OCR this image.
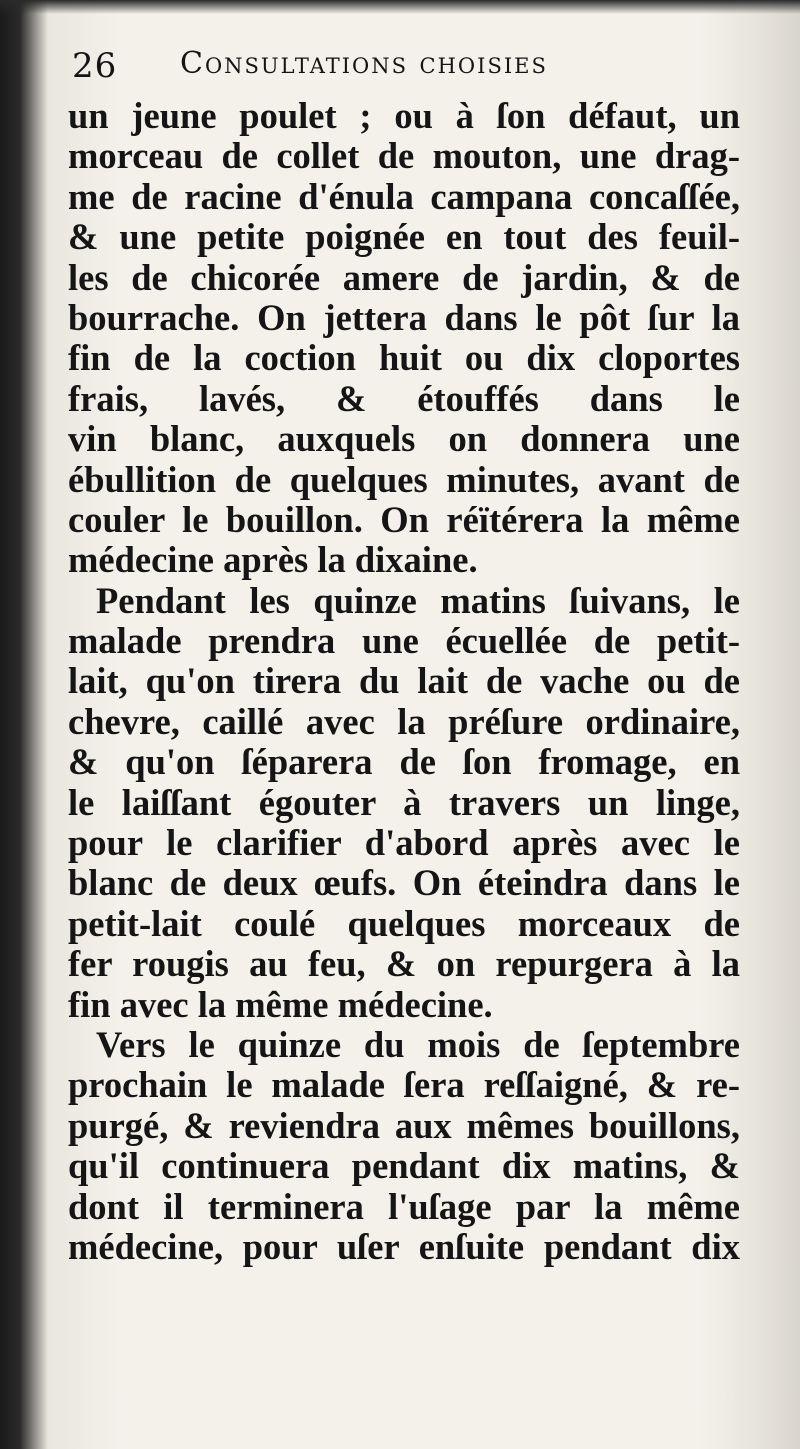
26 Consultations choisies
un jeune poulet ; ou à ſon défaut, un
morceau de collet de mouton, une drag-
me de racine d'énula campana concaſſée,
& une petite poignée en tout des feuil-
les de chicorée amere de jardin, & de
bourrache. On jettera dans le pôt ſur la
fin de la coction huit ou dix cloportes
frais, lavés, & étouffés dans le
vin blanc, auxquels on donnera une
ébullition de quelques minutes, avant de
couler le bouillon. On réïtérera la même
médecine après la dixaine.
Pendant les quinze matins ſuivans, le
malade prendra une écuellée de petit-
lait, qu'on tirera du lait de vache ou de
chevre, caillé avec la préſure ordinaire,
& qu'on ſéparera de ſon fromage, en
le laiſſant égouter à travers un linge,
pour le clarifier d'abord après avec le
blanc de deux œufs. On éteindra dans le
petit-lait coulé quelques morceaux de
fer rougis au feu, & on repurgera à la
fin avec la même médecine.
Vers le quinze du mois de ſeptembre
prochain le malade ſera reſſaigné, & re-
purgé, & reviendra aux mêmes bouillons,
qu'il continuera pendant dix matins, &
dont il terminera l'uſage par la même
médecine, pour uſer enſuite pendant dix
